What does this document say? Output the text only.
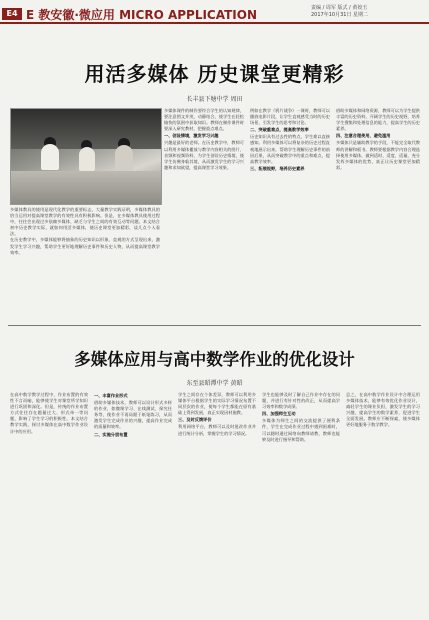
E4 E 教安徽·微应用 MICRO APPLICATION	责编 / 周军 版式 / 黄姣玉
2017年10月31日 星期二
用活多媒体 历史课堂更精彩
长丰县下塘中学 周田
多媒体教具的使用是现代化教学的重要标志，大量教学实践证明，多媒体教具的恰当运用对提高课堂教学的有效性具有积极影响。但是，在多媒体教具使用过程中，往往会出现过多依赖多媒体、缺乏与学生之间的有效互动等问题。本文结合初中历史教学实际，就如何用活多媒体，使历史课堂更加精彩，谈几点个人看法。
在历史教学中，多媒体能够将抽象的历史知识以形象、直观的方式呈现出来，激发学生学习兴趣，帮助学生更好地理解历史事件和历史人物，从而提高课堂教学效率。
多媒体课件的制作要符合学生的认知规律，要注意图文并茂，动静结合，使学生在轻松愉快的氛围中获取知识。教师在制作课件时要深入研究教材，把握重点难点。
一、创设情境，激发学习兴趣
兴趣是最好的老师。在历史教学中，教师可以利用多媒体播放与教学内容相关的图片、音频和视频资料，为学生创设历史情境，使学生仿佛身临其境，从而激发学生的学习兴趣和求知欲望，提高课堂学习效果。
例如在教学《鸦片战争》一课时，教师可以播放电影片段，让学生直观感受当时的历史场景，引发学生的思考和讨论。
二、突破重难点，提高教学效率
历史知识具有过去性的特点，学生难以直接感知。利用多媒体可以将复杂的历史过程直观地展示出来，帮助学生理解历史事件的前因后果，从而突破教学中的重点和难点，提高教学效率。
三、拓展视野，培养历史素养
借助多媒体和网络资源，教师可以为学生提供丰富的历史资料，开阔学生的历史视野，培养学生搜集和处理信息的能力，提高学生的历史素养。
四、注意合理使用，避免滥用
多媒体只是辅助教学的手段，不能完全取代教师的讲解和板书。教师要根据教学内容合理选择使用多媒体，做到适时、适度、适量，充分发挥多媒体的优势，真正让历史课堂更加精彩。
多媒体应用与高中数学作业的优化设计
东至县昭潭中学 黄昭
在高中数学教学过程中，作业布置的有效性不言而喻，能够使学生对课堂所学知识进行巩固和深化。但是，传统的作业布置方式往往存在题量过大、形式单一等问题，影响了学生学习的积极性。本文结合教学实践，探讨多媒体在高中数学作业设计中的应用。
一、丰富作业形式
借助多媒体技术，教师可以设计形式多样的作业，如微课学习、在线测试、探究任务等，使作业不再局限于纸笔练习，从而激发学生完成作业的兴趣，提高作业完成的质量和效率。
二、实施分层布置
学生之间存在个体差异，教师可以利用多媒体平台根据学生的实际学习情况布置不同层次的作业，使每个学生都能在原有基础上得到发展，真正实现因材施教。
三、及时反馈评价
利用网络平台，教师可以及时批改作业并进行统计分析，掌握学生的学习情况。
学生也能够及时了解自己作业中存在的问题，并进行有针对性的改正，从而提高学习效率和数学成绩。
四、加强师生互动
多媒体为师生之间的交流提供了便利条件，学生在完成作业过程中遇到困难时，可以随时通过网络向教师请教，教师也能够及时进行指导和帮助。
总之，在高中数学作业设计中合理运用多媒体技术，能够有效优化作业设计，减轻学生的课业负担，激发学生的学习兴趣，提高学生的数学素养，促进学生全面发展。教师应不断探索，使多媒体更好地服务于数学教学。
